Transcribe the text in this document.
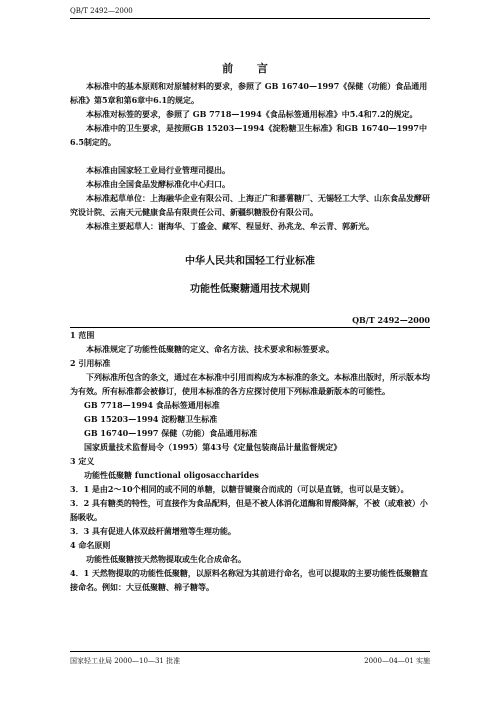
QB/T 2492—2000
前 言

本标准中的基本原则和对原辅材料的要求，参照了 GB 16740—1997《保健（功能）食品通用标准》第5章和第6章中6.1的规定。

本标准对标签的要求，参照了 GB 7718—1994《食品标签通用标准》中5.4和7.2的规定。

本标准中的卫生要求，是按照GB 15203—1994《淀粉糖卫生标准》和GB 16740—1997中6.5制定的。

本标准由国家轻工业局行业管理司提出。

本标准由全国食品发酵标准化中心归口。

本标准起草单位：上海融华企业有限公司、上海正广和蕃薯糖厂、无锡轻工大学、山东食品发酵研究设计院、云南天元健康食品有限责任公司、新疆织糖股份有限公司。

本标准主要起草人：谢海华、丁盛金、藏军、程显好、孙兆龙、牟云青、郭新光。

中华人民共和国轻工行业标准
功能性低聚糖通用技术规则
QB/T 2492—2000

1 范围

本标准规定了功能性低聚糖的定义、命名方法、技术要求和标签要求。

2 引用标准

下列标准所包含的条文，通过在本标准中引用而构成为本标准的条文。本标准出版时，所示版本均为有效。所有标准都会被修订，使用本标准的各方应探讨使用下列标准最新版本的可能性。

GB 7718—1994 食品标签通用标准

GB 15203—1994 淀粉糖卫生标准

GB 16740—1997 保健（功能）食品通用标准

国家质量技术监督局令（1995）第43号《定量包装商品计量监督规定》

3 定义

功能性低聚糖 functional oligosaccharides

3．1 是由2～10个相同的或不同的单糖，以糖苷键聚合而成的（可以是直链，也可以是支链）。

3．2 具有糖类的特性，可直接作为食品配料，但是不被人体消化道酶和胃酸降解，不被（或难被）小肠吸收。

3．3 具有促进人体双歧杆菌增殖等生理功能。

4 命名原则

功能性低聚糖按天然物提取或生化合成命名。

4．1 天然物提取的功能性低聚糖，以原料名称冠为其前进行命名，也可以提取的主要功能性低聚糖直接命名。例如：大豆低聚糖、棉子糖等。

国家轻工业局 2000—10—31 批准	2000—04—01 实施
